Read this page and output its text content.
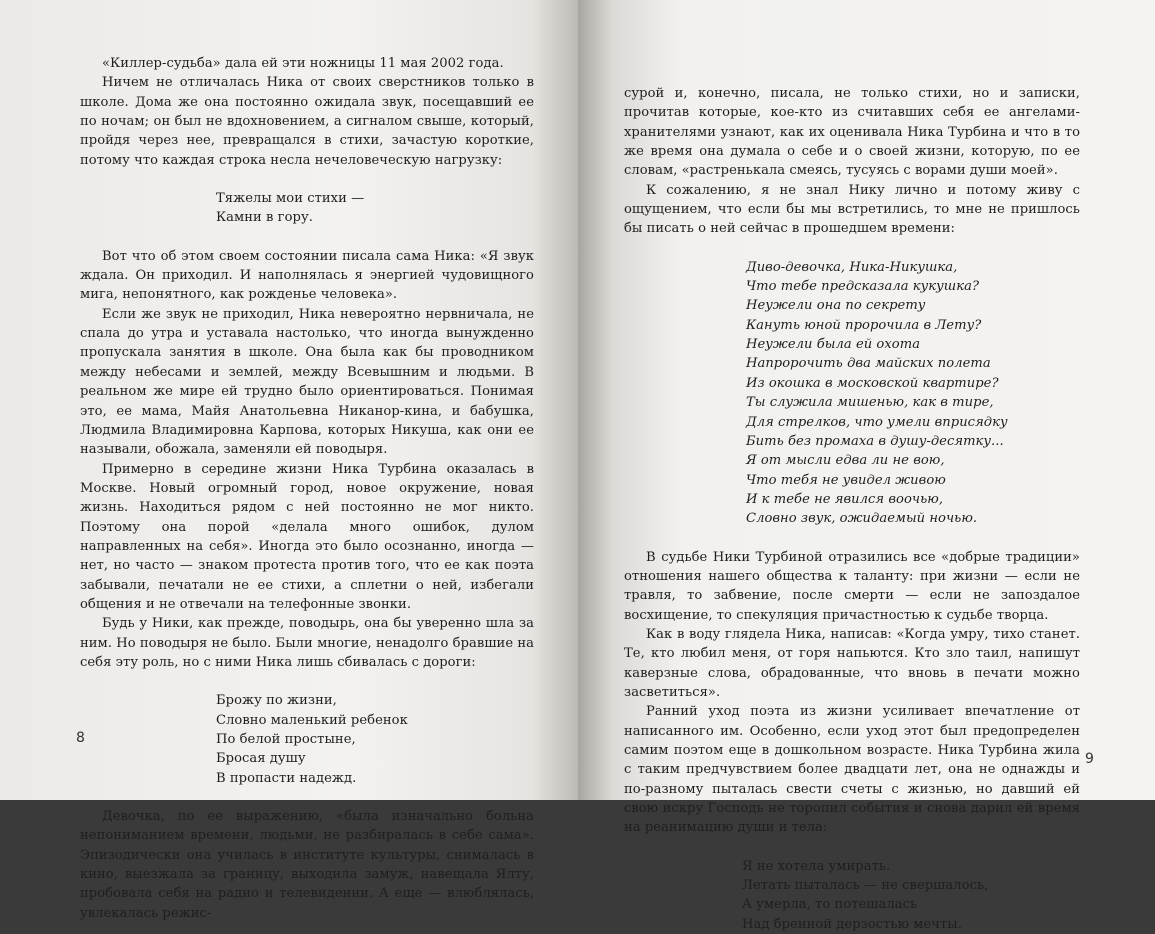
«Киллер-судьба» дала ей эти ножницы 11 мая 2002 года.

Ничем не отличалась Ника от своих сверстников только в школе. Дома же она постоянно ожидала звук, посещавший ее по ночам; он был не вдохновением, а сигналом свыше, который, пройдя через нее, превращался в стихи, зачастую короткие, потому что каждая строка несла нечеловеческую нагрузку:

Тяжелы мои стихи —
Камни в гору.

Вот что об этом своем состоянии писала сама Ника: «Я звук ждала. Он приходил. И наполнялась я энергией чудовищного мига, непонятного, как рожденье человека».

Если же звук не приходил, Ника невероятно нервничала, не спала до утра и уставала настолько, что иногда вынужденно пропускала занятия в школе. Она была как бы проводником между небесами и землей, между Всевышним и людьми. В реальном же мире ей трудно было ориентироваться. Понимая это, ее мама, Майя Анатольевна Никанор-кина, и бабушка, Людмила Владимировна Карпова, которых Никуша, как они ее называли, обожала, заменяли ей поводыря.

Примерно в середине жизни Ника Турбина оказалась в Москве. Новый огромный город, новое окружение, новая жизнь. Находиться рядом с ней постоянно не мог никто. Поэтому она порой «делала много ошибок, дулом направленных на себя». Иногда это было осознанно, иногда — нет, но часто — знаком протеста против того, что ее как поэта забывали, печатали не ее стихи, а сплетни о ней, избегали общения и не отвечали на телефонные звонки.

Будь у Ники, как прежде, поводырь, она бы уверенно шла за ним. Но поводыря не было. Были многие, ненадолго бравшие на себя эту роль, но с ними Ника лишь сбивалась с дороги:

Брожу по жизни,
Словно маленький ребенок
По белой простыне,
Бросая душу
В пропасти надежд.

Девочка, по ее выражению, «была изначально больна непониманием времени, людьми, не разбиралась в себе сама». Эпизодически она училась в институте культуры, снималась в кино, выезжала за границу, выходила замуж, навещала Ялту, пробовала себя на радио и телевидении. А еще — влюблялась, увлекалась режис-

8

сурой и, конечно, писала, не только стихи, но и записки, прочитав которые, кое-кто из считавших себя ее ангелами-хранителями узнают, как их оценивала Ника Турбина и что в то же время она думала о себе и о своей жизни, которую, по ее словам, «растренькала смеясь, тусуясь с ворами души моей».

К сожалению, я не знал Нику лично и потому живу с ощущением, что если бы мы встретились, то мне не пришлось бы писать о ней сейчас в прошедшем времени:

Диво-девочка, Ника-Никушка,
Что тебе предсказала кукушка?
Неужели она по секрету
Кануть юной пророчила в Лету?
Неужели была ей охота
Напророчить два майских полета
Из окошка в московской квартире?
Ты служила мишенью, как в тире,
Для стрелков, что умели вприсядку
Бить без промаха в душу-десятку...
Я от мысли едва ли не вою,
Что тебя не увидел живою
И к тебе не явился воочью,
Словно звук, ожидаемый ночью.

В судьбе Ники Турбиной отразились все «добрые традиции» отношения нашего общества к таланту: при жизни — если не травля, то забвение, после смерти — если не запоздалое восхищение, то спекуляция причастностью к судьбе творца.

Как в воду глядела Ника, написав: «Когда умру, тихо станет. Те, кто любил меня, от горя напьются. Кто зло таил, напишут каверзные слова, обрадованные, что вновь в печати можно засветиться».

Ранний уход поэта из жизни усиливает впечатление от написанного им. Особенно, если уход этот был предопределен самим поэтом еще в дошкольном возрасте. Ника Турбина жила с таким предчувствием более двадцати лет, она не однажды и по-разному пыталась свести счеты с жизнью, но давший ей свою искру Господь не торопил события и снова дарил ей время на реанимацию души и тела:

Я не хотела умирать.
Летать пыталась — не свершалось,
А умерла, то потешалась
Над бренной дерзостью мечты.
9
